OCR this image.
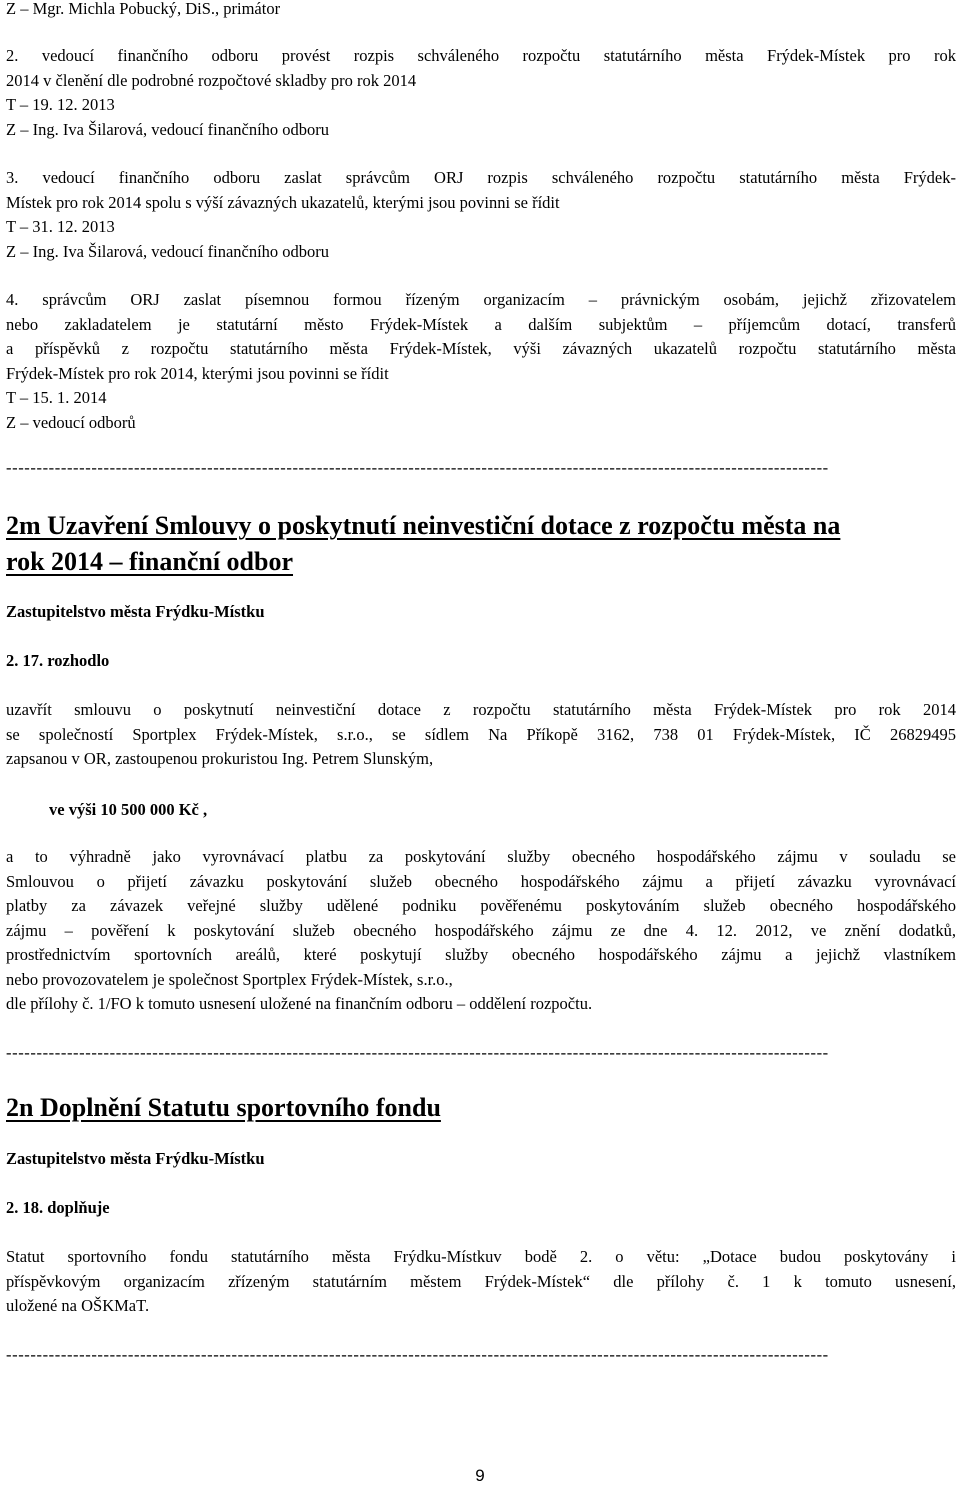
Z – Mgr. Michla Pobucký, DiS., primátor
2. vedoucí finančního odboru provést rozpis schváleného rozpočtu statutárního města Frýdek-Místek pro rok
2014 v členění dle podrobné rozpočtové skladby pro rok 2014
T – 19. 12. 2013
Z – Ing. Iva Šilarová, vedoucí finančního odboru
3. vedoucí finančního odboru zaslat správcům ORJ rozpis schváleného rozpočtu statutárního města Frýdek-
Místek pro rok 2014 spolu s výší závazných ukazatelů, kterými jsou povinni se řídit
T – 31. 12. 2013
Z – Ing. Iva Šilarová, vedoucí finančního odboru
4. správcům ORJ zaslat písemnou formou řízeným organizacím – právnickým osobám, jejichž zřizovatelem
nebo zakladatelem je statutární město Frýdek-Místek a dalším subjektům – příjemcům dotací, transferů
a příspěvků z rozpočtu statutárního města Frýdek-Místek, výši závazných ukazatelů rozpočtu statutárního města
Frýdek-Místek pro rok 2014, kterými jsou povinni se řídit
T – 15. 1. 2014
Z – vedoucí odborů
---------------------------------------------------------------------------------------------------------------------------------------
2m Uzavření Smlouvy o poskytnutí neinvestiční dotace z rozpočtu města na
rok 2014 – finanční odbor
Zastupitelstvo města Frýdku-Místku
2. 17. rozhodlo
uzavřít smlouvu o poskytnutí neinvestiční dotace z rozpočtu statutárního města Frýdek-Místek pro rok 2014
se společností Sportplex Frýdek-Místek, s.r.o., se sídlem Na Příkopě 3162, 738 01 Frýdek-Místek, IČ 26829495
zapsanou v OR, zastoupenou prokuristou Ing. Petrem Slunským,
ve výši 10 500 000 Kč ,
a to výhradně jako vyrovnávací platbu za poskytování služby obecného hospodářského zájmu v souladu se
Smlouvou o přijetí závazku poskytování služeb obecného hospodářského zájmu a přijetí závazku vyrovnávací
platby za závazek veřejné služby udělené podniku pověřenému poskytováním služeb obecného hospodářského
zájmu – pověření k poskytování služeb obecného hospodářského zájmu ze dne 4. 12. 2012, ve znění dodatků,
prostřednictvím sportovních areálů, které poskytují služby obecného hospodářského zájmu a jejichž vlastníkem
nebo provozovatelem je společnost Sportplex Frýdek-Místek, s.r.o.,
dle přílohy č. 1/FO k tomuto usnesení uložené na finančním odboru – oddělení rozpočtu.
---------------------------------------------------------------------------------------------------------------------------------------
2n Doplnění Statutu sportovního fondu
Zastupitelstvo města Frýdku-Místku
2. 18. doplňuje
Statut sportovního fondu statutárního města Frýdku-Místkuv bodě 2. o větu: „Dotace budou poskytovány i
příspěvkovým organizacím zřízeným statutárním městem Frýdek-Místek“ dle přílohy č. 1 k tomuto usnesení,
uložené na OŠKMaT.
---------------------------------------------------------------------------------------------------------------------------------------
9
